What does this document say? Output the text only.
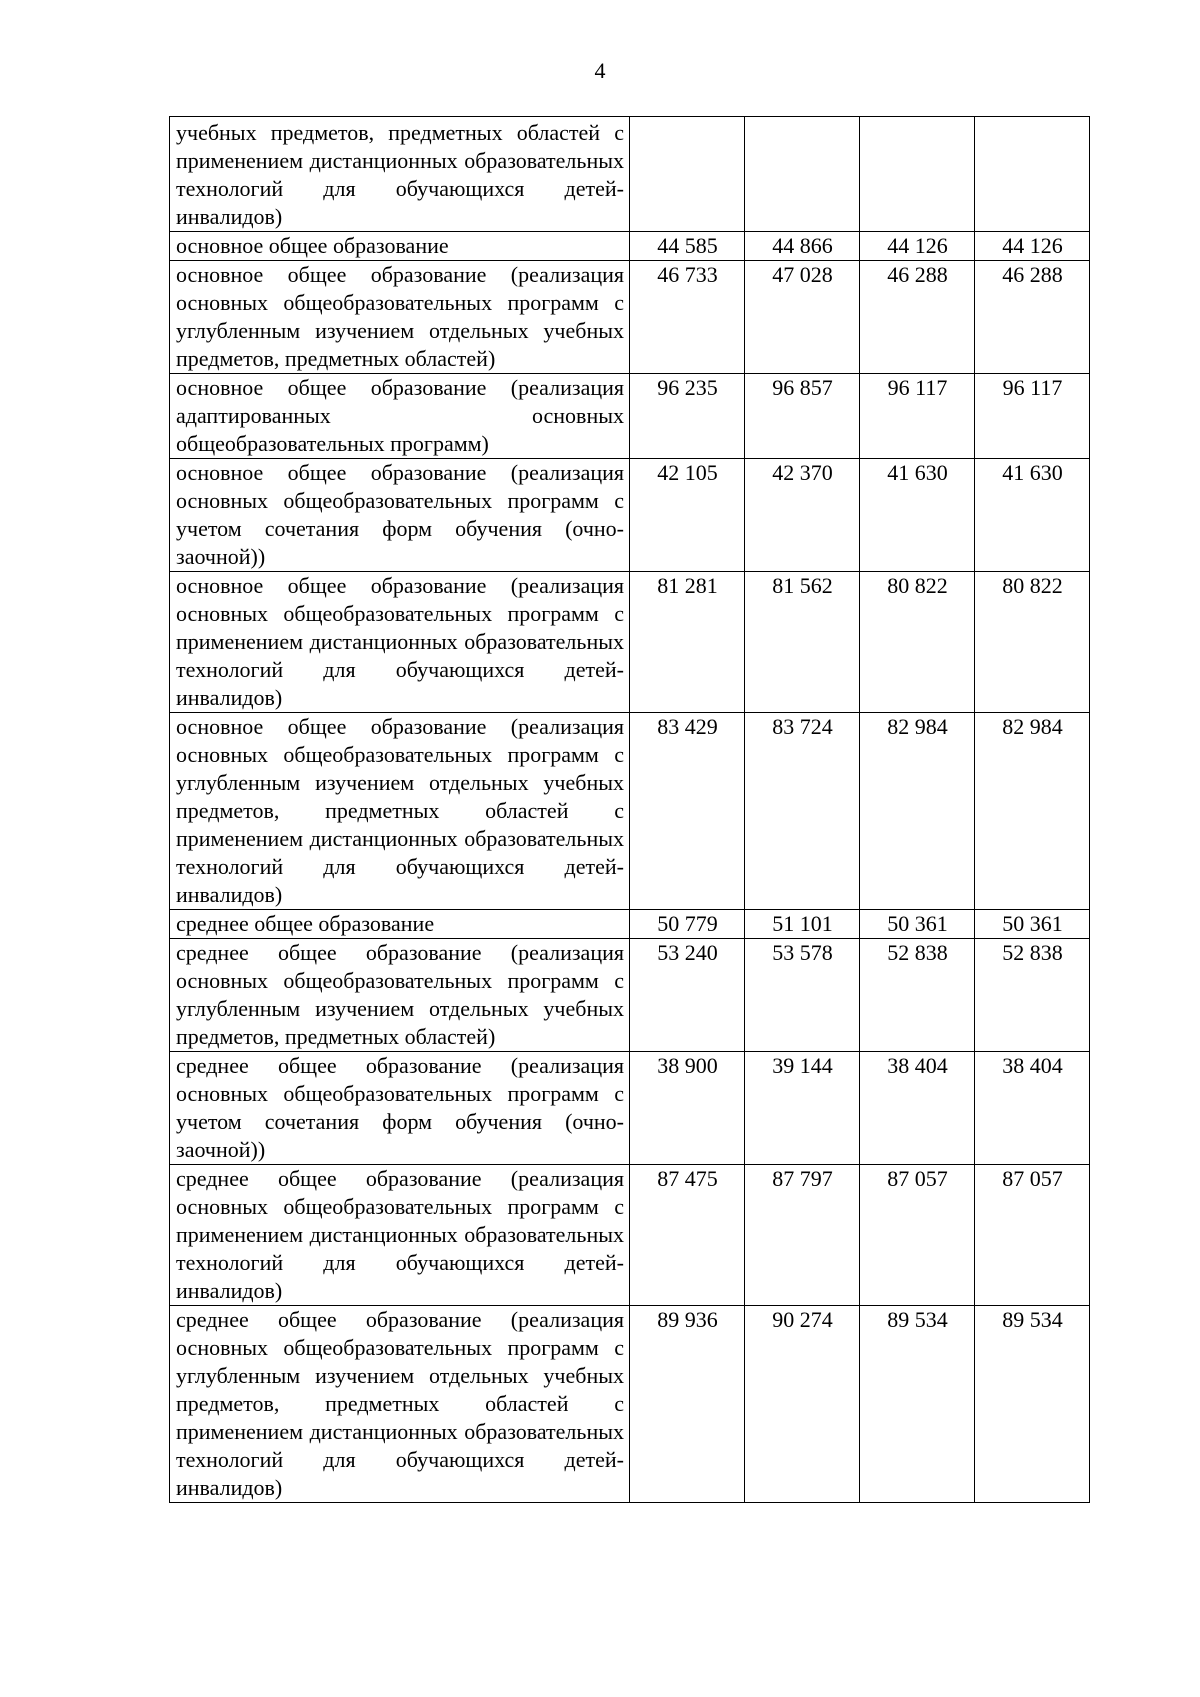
4
учебных предметов, предметных областей с применением дистанционных образовательных технологий для обучающихся детей-инвалидов)				
основное общее образование	44 585	44 866	44 126	44 126
основное общее образование (реализация основных общеобразовательных программ с углубленным изучением отдельных учебных предметов, предметных областей)	46 733	47 028	46 288	46 288
основное общее образование (реализация адаптированных основных общеобразовательных программ)	96 235	96 857	96 117	96 117
основное общее образование (реализация основных общеобразовательных программ с учетом сочетания форм обучения (очно-заочной))	42 105	42 370	41 630	41 630
основное общее образование (реализация основных общеобразовательных программ с применением дистанционных образовательных технологий для обучающихся детей-инвалидов)	81 281	81 562	80 822	80 822
основное общее образование (реализация основных общеобразовательных программ с углубленным изучением отдельных учебных предметов, предметных областей с применением дистанционных образовательных технологий для обучающихся детей-инвалидов)	83 429	83 724	82 984	82 984
среднее общее образование	50 779	51 101	50 361	50 361
среднее общее образование (реализация основных общеобразовательных программ с углубленным изучением отдельных учебных предметов, предметных областей)	53 240	53 578	52 838	52 838
среднее общее образование (реализация основных общеобразовательных программ с учетом сочетания форм обучения (очно-заочной))	38 900	39 144	38 404	38 404
среднее общее образование (реализация основных общеобразовательных программ с применением дистанционных образовательных технологий для обучающихся детей-инвалидов)	87 475	87 797	87 057	87 057
среднее общее образование (реализация основных общеобразовательных программ с углубленным изучением отдельных учебных предметов, предметных областей с применением дистанционных образовательных технологий для обучающихся детей-инвалидов)	89 936	90 274	89 534	89 534
